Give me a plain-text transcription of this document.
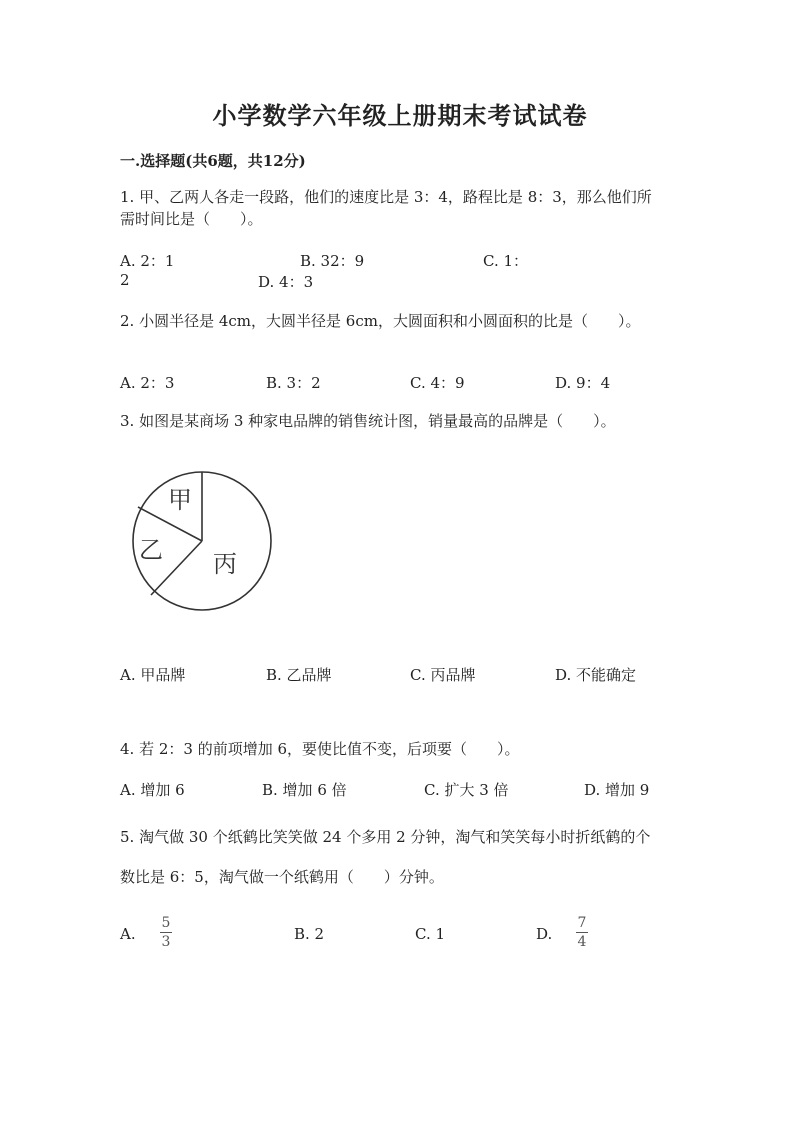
小学数学六年级上册期末考试试卷
一.选择题(共6题，共12分)
1. 甲、乙两人各走一段路，他们的速度比是 3：4，路程比是 8：3，那么他们所
需时间比是（　　）。
A. 2：1	B. 32：9	C. 1：
2	D. 4：3
2. 小圆半径是 4cm，大圆半径是 6cm，大圆面积和小圆面积的比是（　　）。
A. 2：3	B. 3：2	C. 4：9	D. 9：4
3. 如图是某商场 3 种家电品牌的销售统计图，销量最高的品牌是（　　）。
甲
乙 丙
A. 甲品牌	B. 乙品牌	C. 丙品牌	D. 不能确定
4. 若 2：3 的前项增加 6，要使比值不变，后项要（　　）。
A. 增加 6	B. 增加 6 倍	C. 扩大 3 倍	D. 增加 9
5. 淘气做 30 个纸鹤比笑笑做 24 个多用 2 分钟，淘气和笑笑每小时折纸鹤的个
数比是 6：5，淘气做一个纸鹤用（　　）分钟。
A.
5
3	B. 2	C. 1	D.
7
4
